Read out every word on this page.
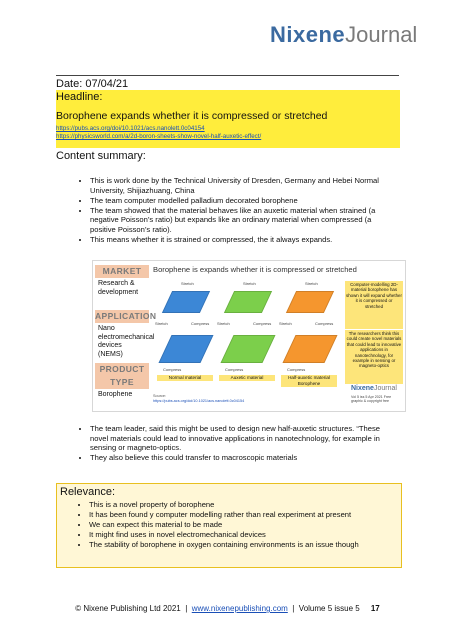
NixeneJournal
Date: 07/04/21
Headline:
Borophene expands whether it is compressed or stretched
https://pubs.acs.org/doi/10.1021/acs.nanolett.0c04154
https://physicsworld.com/a/2d-boron-sheets-show-novel-half-auxetic-effect/
Content summary:
• This is work done by the Technical University of Dresden, Germany and Hebei Normal University, Shijiazhuang, China
• The team computer modelled palladium decorated borophene
• The team showed that the material behaves like an auxetic material when strained (a negative Poisson’s ratio) but expands like an ordinary material when compressed (a positive Poisson’s ratio).
• This means whether it is strained or compressed, the it always expands.
MARKET
Research & development
APPLICATION
Nano electromechanical devices (NEMS)
PRODUCT TYPE
Borophene
Borophene is expands whether it is compressed or stretched
Stretch
Stretch	Compress
Compress
Normal material
Stretch
Stretch	Compress
Compress
Auxetic material
Stretch
Stretch	Compress
Compress
Half-auxetic material Borophene
Computer-modelling 2D-material borophene has shown it will expand whether it is compressed or stretched
The researchers think this could create novel materials that could lead to innovative applications in nanotechnology, for example in sensing or magneto-optics
Source:
https://pubs.acs.org/doi/10.1021/acs.nanolett.0c04154
NixeneJournal
Vol 5 iss 5 Apr 2021 Free graphic & copyright free
• The team leader, said this might be used to design new half-auxetic structures. “These novel materials could lead to innovative applications in nanotechnology, for example in sensing or magneto-optics.
• They also believe this could transfer to macroscopic materials
Relevance:
• This is a novel property of borophene
• It has been found y computer modelling rather than real experiment at present
• We can expect this material to be made
• It might find uses in novel electromechanical devices
• The stability of borophene in oxygen containing environments is an issue though
© Nixene Publishing Ltd 2021 | www.nixenepublishing.com | Volume 5 issue 5 17
